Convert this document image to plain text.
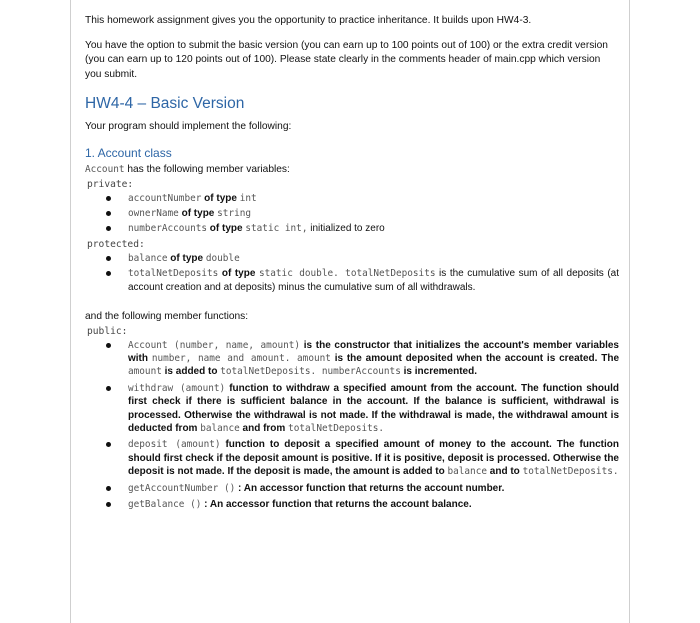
This homework assignment gives you the opportunity to practice inheritance. It builds upon HW4-3.

You have the option to submit the basic version (you can earn up to 100 points out of 100) or the extra credit version (you can earn up to 120 points out of 100). Please state clearly in the comments header of main.cpp which version you submit.

HW4-4 – Basic Version

Your program should implement the following:

1. Account class

Account has the following member variables:

private:
accountNumber of type int
ownerName of type string
numberAccounts of type static int, initialized to zero
protected:
balance of type double
totalNetDeposits of type static double. totalNetDeposits is the cumulative sum of all deposits (at account creation and at deposits) minus the cumulative sum of all withdrawals.

and the following member functions:

public:
Account (number, name, amount) is the constructor that initializes the account's member variables with number, name and amount. amount is the amount deposited when the account is created. The amount is added to totalNetDeposits. numberAccounts is incremented.
withdraw (amount) function to withdraw a specified amount from the account. The function should first check if there is sufficient balance in the account. If the balance is sufficient, withdrawal is processed. Otherwise the withdrawal is not made. If the withdrawal is made, the withdrawal amount is deducted from balance and from totalNetDeposits.
deposit (amount) function to deposit a specified amount of money to the account. The function should first check if the deposit amount is positive. If it is positive, deposit is processed. Otherwise the deposit is not made. If the deposit is made, the amount is added to balance and to totalNetDeposits.
getAccountNumber () : An accessor function that returns the account number.
getBalance () : An accessor function that returns the account balance.
